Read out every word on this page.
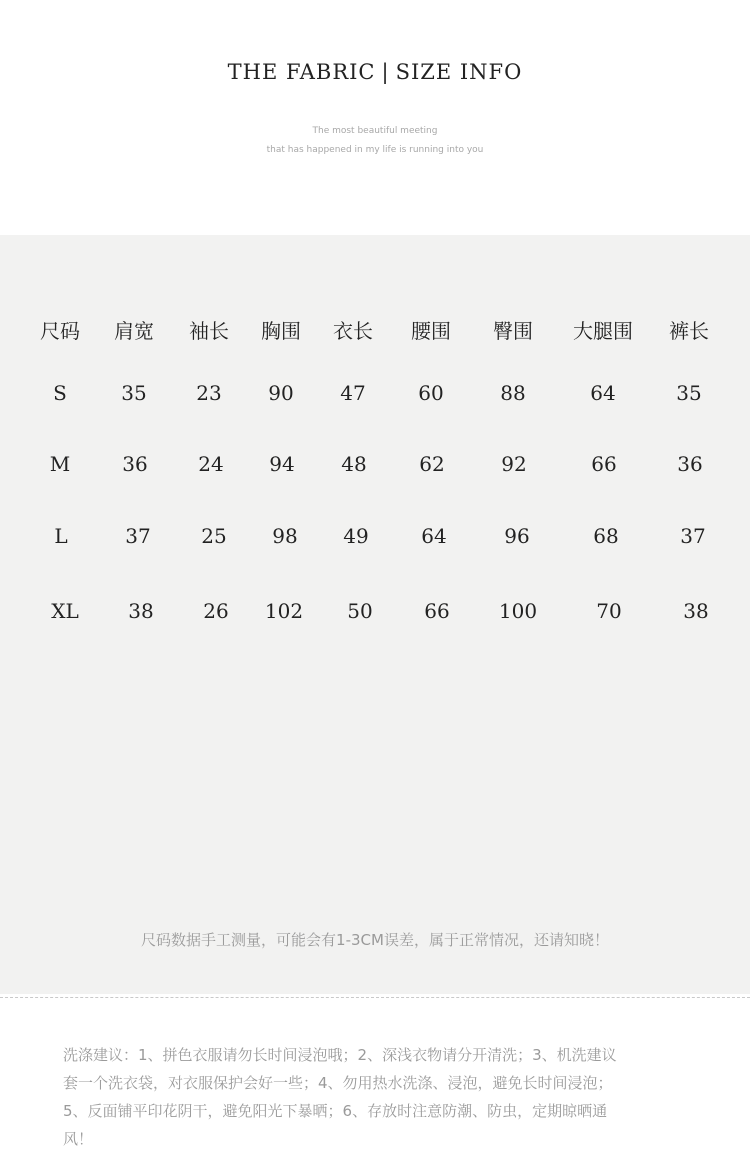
THE FABRIC | SIZE INFO
The most beautiful meeting
that has happened in my life is running into you
尺码	肩宽	袖长	胸围	衣长	腰围	臀围	大腿围	裤长
S	35	23	90	47	60	88	64	35
M	36	24	94	48	62	92	66	36
L	37	25	98	49	64	96	68	37
XL	38	26	102	50	66	100	70	38
尺码数据手工测量，可能会有1-3CM误差，属于正常情况，还请知晓！
洗涤建议：1、拼色衣服请勿长时间浸泡哦；2、深浅衣物请分开清洗；3、机洗建议
套一个洗衣袋，对衣服保护会好一些；4、勿用热水洗涤、浸泡，避免长时间浸泡；
5、反面铺平印花阴干，避免阳光下暴晒；6、存放时注意防潮、防虫，定期晾晒通
风！
